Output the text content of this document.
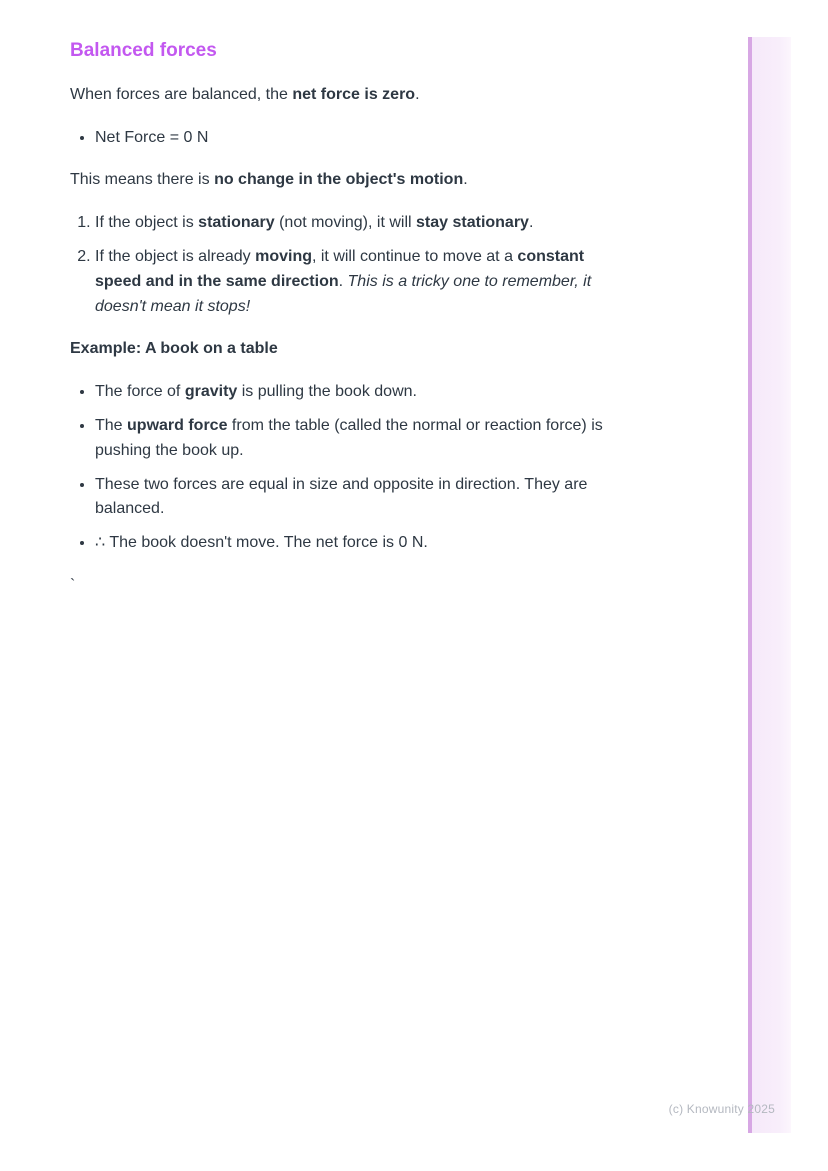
Balanced forces

When forces are balanced, the net force is zero.

• Net Force = 0 N

This means there is no change in the object's motion.

1. If the object is stationary (not moving), it will stay stationary.
2. If the object is already moving, it will continue to move at a constant speed and in the same direction. This is a tricky one to remember, it doesn't mean it stops!

Example: A book on a table

• The force of gravity is pulling the book down.
• The upward force from the table (called the normal or reaction force) is pushing the book up.
• These two forces are equal in size and opposite in direction. They are balanced.
• ∴ The book doesn't move. The net force is 0 N.

`

(c) Knowunity 2025
